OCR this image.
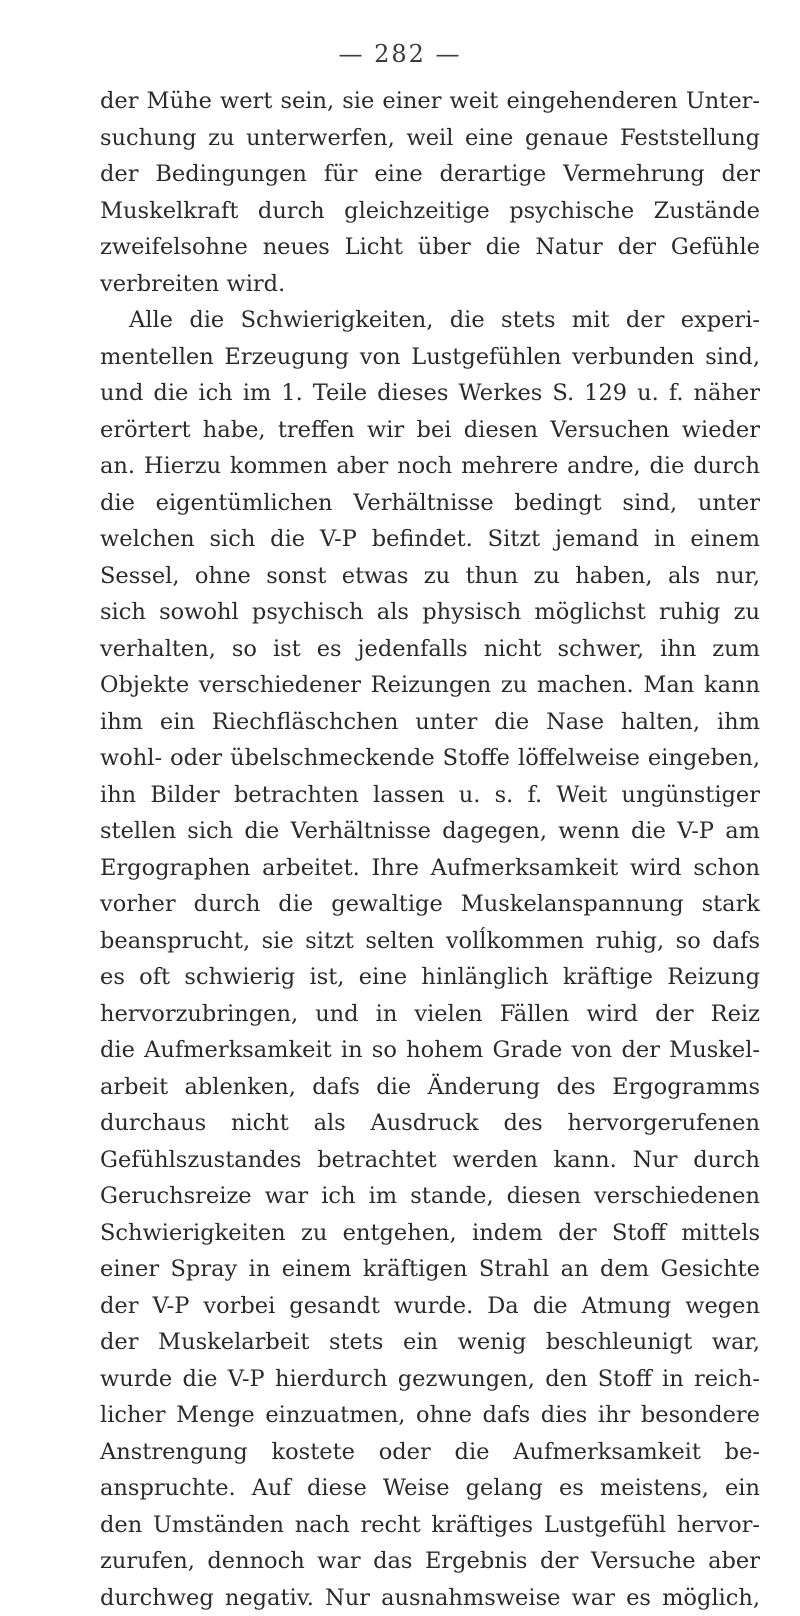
— 282 —
der Mühe wert sein, sie einer weit eingehenderen Unter-
suchung zu unterwerfen, weil eine genaue Feststellung
der Bedingungen für eine derartige Vermehrung der
Muskelkraft durch gleichzeitige psychische Zustände
zweifelsohne neues Licht über die Natur der Gefühle
verbreiten wird.
Alle die Schwierigkeiten, die stets mit der experi-
mentellen Erzeugung von Lustgefühlen verbunden sind,
und die ich im 1. Teile dieses Werkes S. 129 u. f. näher
erörtert habe, treffen wir bei diesen Versuchen wieder
an. Hierzu kommen aber noch mehrere andre, die durch
die eigentümlichen Verhältnisse bedingt sind, unter
welchen sich die V-P befindet. Sitzt jemand in einem
Sessel, ohne sonst etwas zu thun zu haben, als nur,
sich sowohl psychisch als physisch möglichst ruhig zu
verhalten, so ist es jedenfalls nicht schwer, ihn zum
Objekte verschiedener Reizungen zu machen. Man kann
ihm ein Riechfläschchen unter die Nase halten, ihm
wohl- oder übelschmeckende Stoffe löffelweise eingeben,
ihn Bilder betrachten lassen u. s. f. Weit ungünstiger
stellen sich die Verhältnisse dagegen, wenn die V-P am
Ergographen arbeitet. Ihre Aufmerksamkeit wird schon
vorher durch die gewaltige Muskelanspannung stark
beansprucht, sie sitzt selten volĺkommen ruhig, so dafs
es oft schwierig ist, eine hinlänglich kräftige Reizung
hervorzubringen, und in vielen Fällen wird der Reiz
die Aufmerksamkeit in so hohem Grade von der Muskel-
arbeit ablenken, dafs die Änderung des Ergogramms
durchaus nicht als Ausdruck des hervorgerufenen
Gefühlszustandes betrachtet werden kann. Nur durch
Geruchsreize war ich im stande, diesen verschiedenen
Schwierigkeiten zu entgehen, indem der Stoff mittels
einer Spray in einem kräftigen Strahl an dem Gesichte
der V-P vorbei gesandt wurde. Da die Atmung wegen
der Muskelarbeit stets ein wenig beschleunigt war,
wurde die V-P hierdurch gezwungen, den Stoff in reich-
licher Menge einzuatmen, ohne dafs dies ihr besondere
Anstrengung kostete oder die Aufmerksamkeit be-
anspruchte. Auf diese Weise gelang es meistens, ein
den Umständen nach recht kräftiges Lustgefühl hervor-
zurufen, dennoch war das Ergebnis der Versuche aber
durchweg negativ. Nur ausnahmsweise war es möglich,
